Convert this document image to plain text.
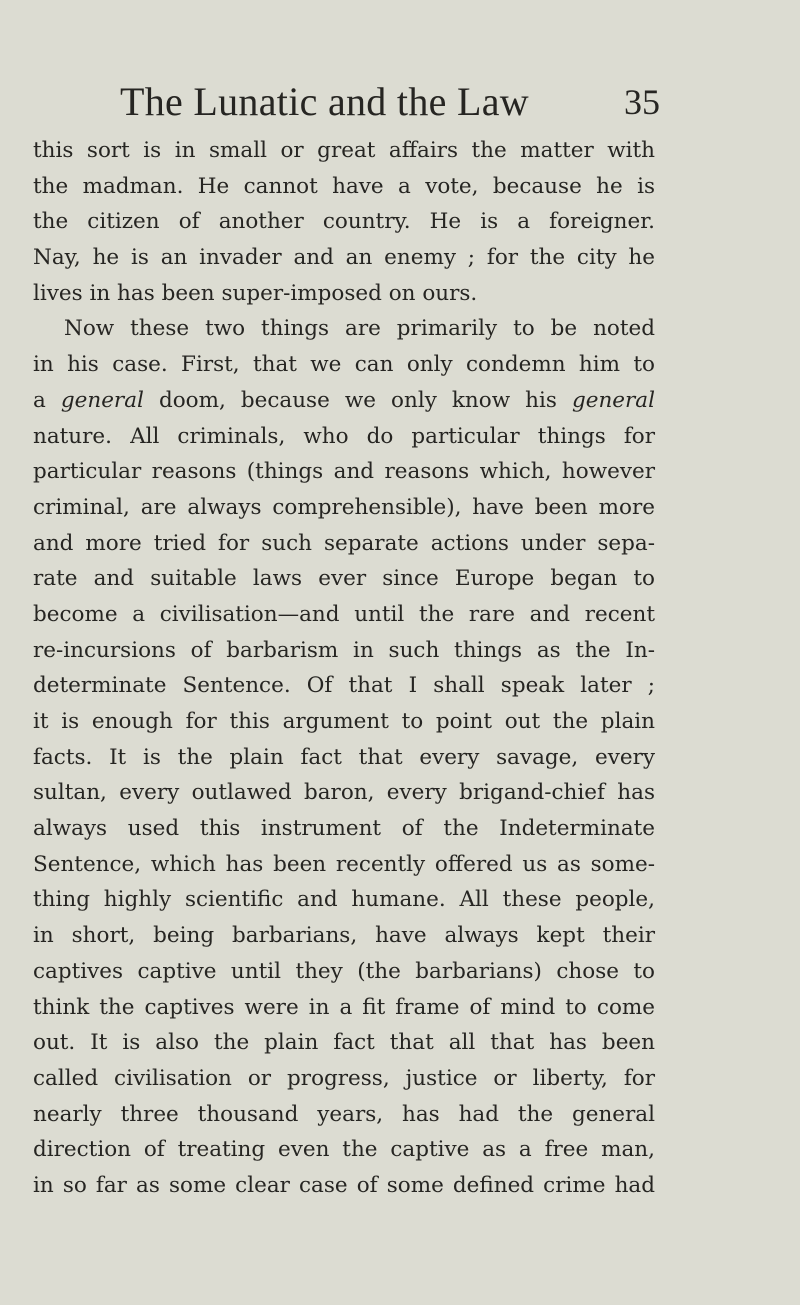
The Lunatic and the Law	35
this sort is in small or great affairs the matter with
the madman. He cannot have a vote, because he is
the citizen of another country. He is a foreigner.
Nay, he is an invader and an enemy ; for the city he
lives in has been super-imposed on ours.
Now these two things are primarily to be noted
in his case. First, that we can only condemn him to
a general doom, because we only know his general
nature. All criminals, who do particular things for
particular reasons (things and reasons which, however
criminal, are always comprehensible), have been more
and more tried for such separate actions under sepa-
rate and suitable laws ever since Europe began to
become a civilisation—and until the rare and recent
re-incursions of barbarism in such things as the In-
determinate Sentence. Of that I shall speak later ;
it is enough for this argument to point out the plain
facts. It is the plain fact that every savage, every
sultan, every outlawed baron, every brigand-chief has
always used this instrument of the Indeterminate
Sentence, which has been recently offered us as some-
thing highly scientific and humane. All these people,
in short, being barbarians, have always kept their
captives captive until they (the barbarians) chose to
think the captives were in a fit frame of mind to come
out. It is also the plain fact that all that has been
called civilisation or progress, justice or liberty, for
nearly three thousand years, has had the general
direction of treating even the captive as a free man,
in so far as some clear case of some defined crime had
